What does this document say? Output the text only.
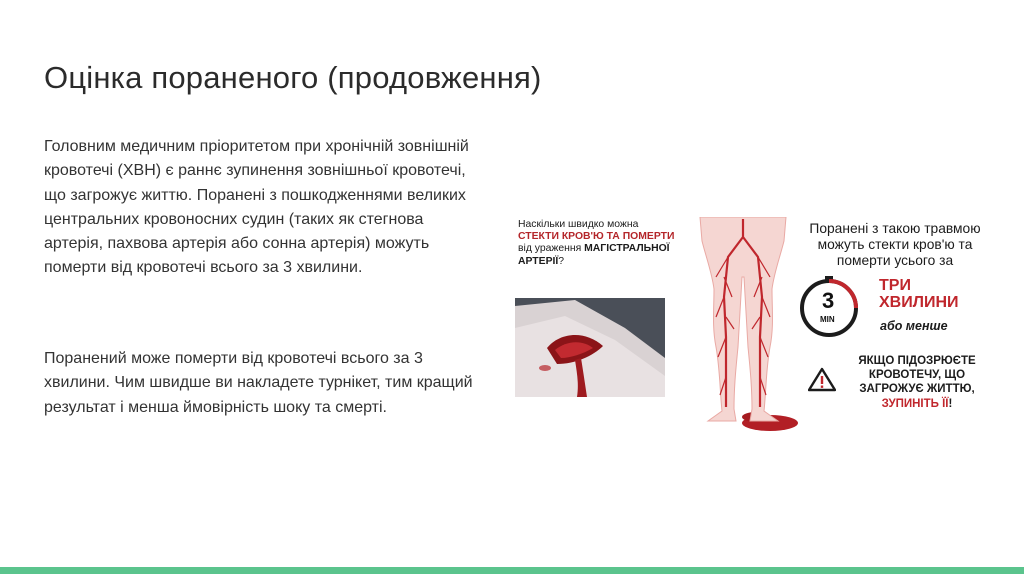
Оцінка пораненого (продовження)

Головним медичним пріоритетом при хронічній зовнішній кровотечі (ХВН) є раннє зупинення зовнішньої кровотечі, що загрожує життю. Поранені з пошкодженнями великих центральних кровоносних судин (таких як стегнова артерія, пахвова артерія або сонна артерія) можуть померти від кровотечі всього за 3 хвилини.

Поранений може померти від кровотечі всього за 3 хвилини. Чим швидше ви накладете турнікет, тим кращий результат і менша ймовірність шоку та смерті.

Наскільки швидко можна СТЕКТИ КРОВ'Ю ТА ПОМЕРТИ від ураження МАГІСТРАЛЬНОЇ АРТЕРІЇ?
Поранені з такою травмою можуть стекти кров'ю та померти усього за
3
MIN
ТРИ ХВИЛИНИ
або менше
ЯКЩО ПІДОЗРЮЄТЕ КРОВОТЕЧУ, ЩО ЗАГРОЖУЄ ЖИТТЮ, ЗУПИНІТЬ ЇЇ!
